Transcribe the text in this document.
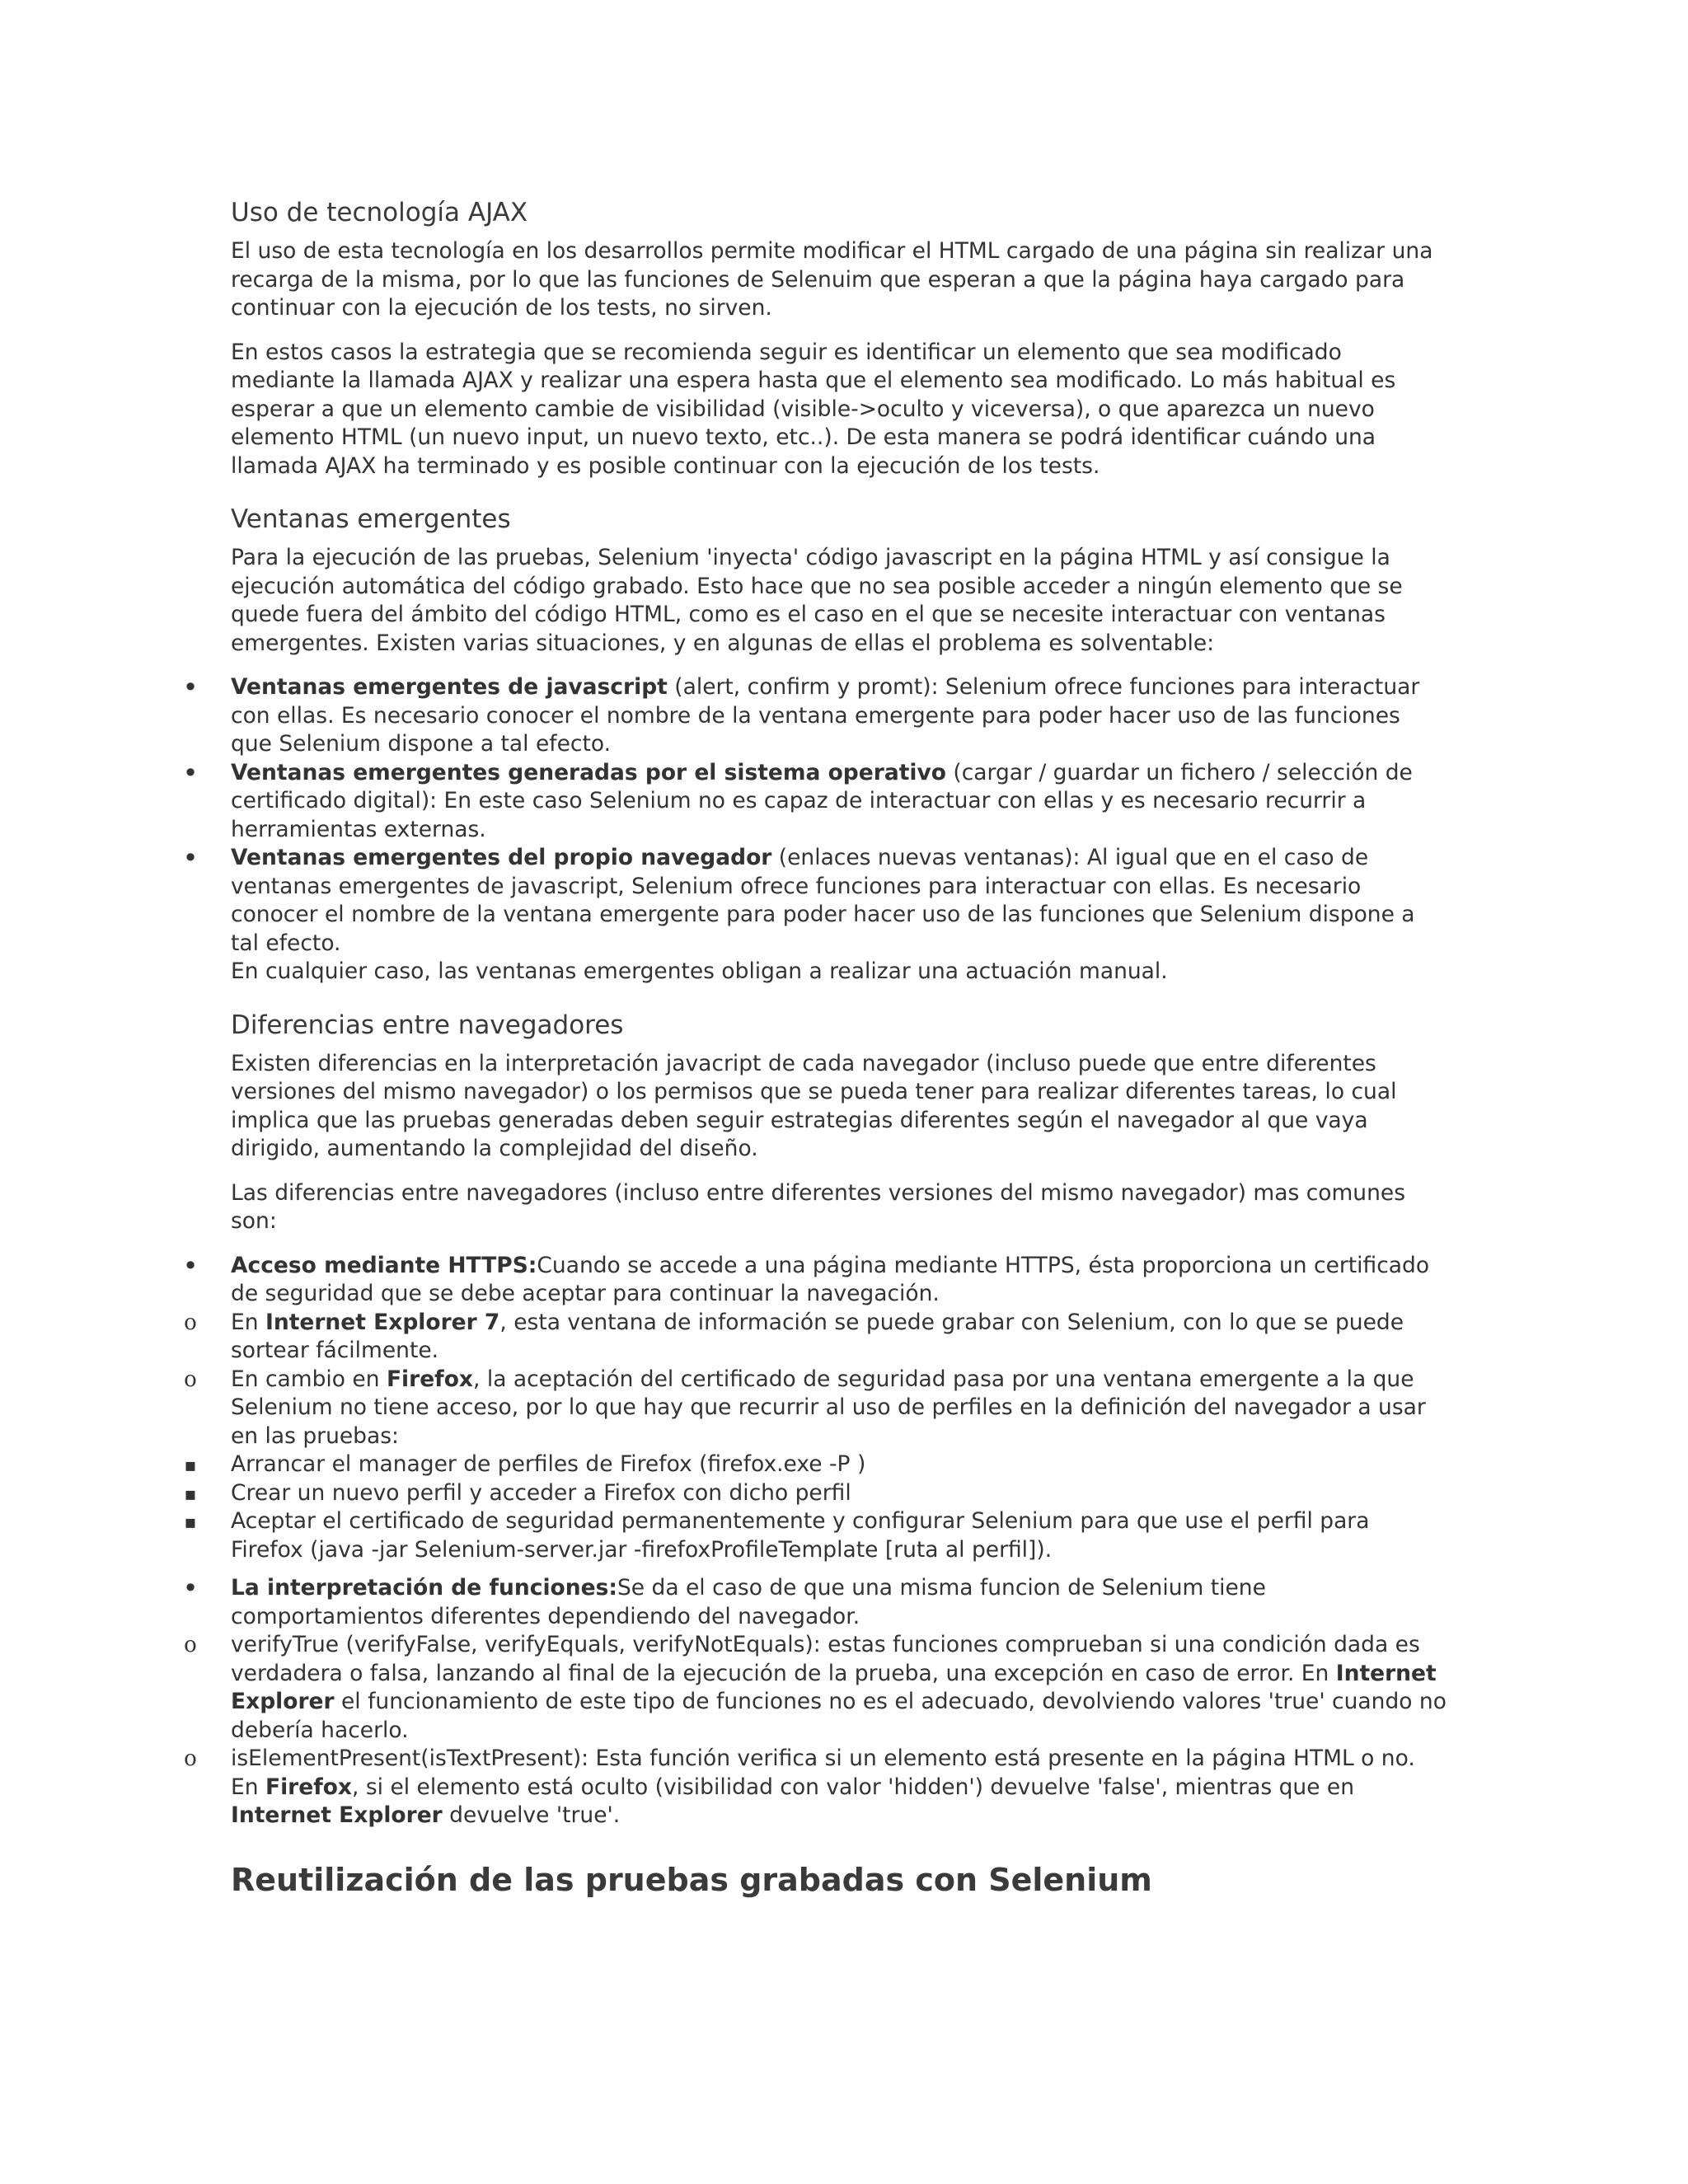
Uso de tecnología AJAX

El uso de esta tecnología en los desarrollos permite modificar el HTML cargado de una página sin realizar una recarga de la misma, por lo que las funciones de Selenuim que esperan a que la página haya cargado para continuar con la ejecución de los tests, no sirven.

En estos casos la estrategia que se recomienda seguir es identificar un elemento que sea modificado mediante la llamada AJAX y realizar una espera hasta que el elemento sea modificado. Lo más habitual es esperar a que un elemento cambie de visibilidad (visible->oculto y viceversa), o que aparezca un nuevo elemento HTML (un nuevo input, un nuevo texto, etc..). De esta manera se podrá identificar cuándo una llamada AJAX ha terminado y es posible continuar con la ejecución de los tests.

Ventanas emergentes

Para la ejecución de las pruebas, Selenium 'inyecta' código javascript en la página HTML y así consigue la ejecución automática del código grabado. Esto hace que no sea posible acceder a ningún elemento que se quede fuera del ámbito del código HTML, como es el caso en el que se necesite interactuar con ventanas emergentes. Existen varias situaciones, y en algunas de ellas el problema es solventable:

•
Ventanas emergentes de javascript (alert, confirm y promt): Selenium ofrece funciones para interactuar con ellas. Es necesario conocer el nombre de la ventana emergente para poder hacer uso de las funciones que Selenium dispone a tal efecto.
•
Ventanas emergentes generadas por el sistema operativo (cargar / guardar un fichero / selección de certificado digital): En este caso Selenium no es capaz de interactuar con ellas y es necesario recurrir a herramientas externas.
•
Ventanas emergentes del propio navegador (enlaces nuevas ventanas): Al igual que en el caso de ventanas emergentes de javascript, Selenium ofrece funciones para interactuar con ellas. Es necesario conocer el nombre de la ventana emergente para poder hacer uso de las funciones que Selenium dispone a tal efecto.

En cualquier caso, las ventanas emergentes obligan a realizar una actuación manual.

Diferencias entre navegadores

Existen diferencias en la interpretación javacript de cada navegador (incluso puede que entre diferentes versiones del mismo navegador) o los permisos que se pueda tener para realizar diferentes tareas, lo cual implica que las pruebas generadas deben seguir estrategias diferentes según el navegador al que vaya dirigido, aumentando la complejidad del diseño.

Las diferencias entre navegadores (incluso entre diferentes versiones del mismo navegador) mas comunes son:

•
Acceso mediante HTTPS:Cuando se accede a una página mediante HTTPS, ésta proporciona un certificado de seguridad que se debe aceptar para continuar la navegación.
o
En Internet Explorer 7, esta ventana de información se puede grabar con Selenium, con lo que se puede sortear fácilmente.
o
En cambio en Firefox, la aceptación del certificado de seguridad pasa por una ventana emergente a la que Selenium no tiene acceso, por lo que hay que recurrir al uso de perfiles en la definición del navegador a usar en las pruebas:
▪
Arrancar el manager de perfiles de Firefox (firefox.exe -P )
▪
Crear un nuevo perfil y acceder a Firefox con dicho perfil
▪
Aceptar el certificado de seguridad permanentemente y configurar Selenium para que use el perfil para Firefox (java -jar Selenium-server.jar -firefoxProfileTemplate [ruta al perfil]).
•
La interpretación de funciones:Se da el caso de que una misma funcion de Selenium tiene comportamientos diferentes dependiendo del navegador.
o
verifyTrue (verifyFalse, verifyEquals, verifyNotEquals): estas funciones comprueban si una condición dada es verdadera o falsa, lanzando al final de la ejecución de la prueba, una excepción en caso de error. En Internet Explorer el funcionamiento de este tipo de funciones no es el adecuado, devolviendo valores 'true' cuando no debería hacerlo.
o
isElementPresent(isTextPresent): Esta función verifica si un elemento está presente en la página HTML o no. En Firefox, si el elemento está oculto (visibilidad con valor 'hidden') devuelve 'false', mientras que en Internet Explorer devuelve 'true'.
Reutilización de las pruebas grabadas con Selenium
